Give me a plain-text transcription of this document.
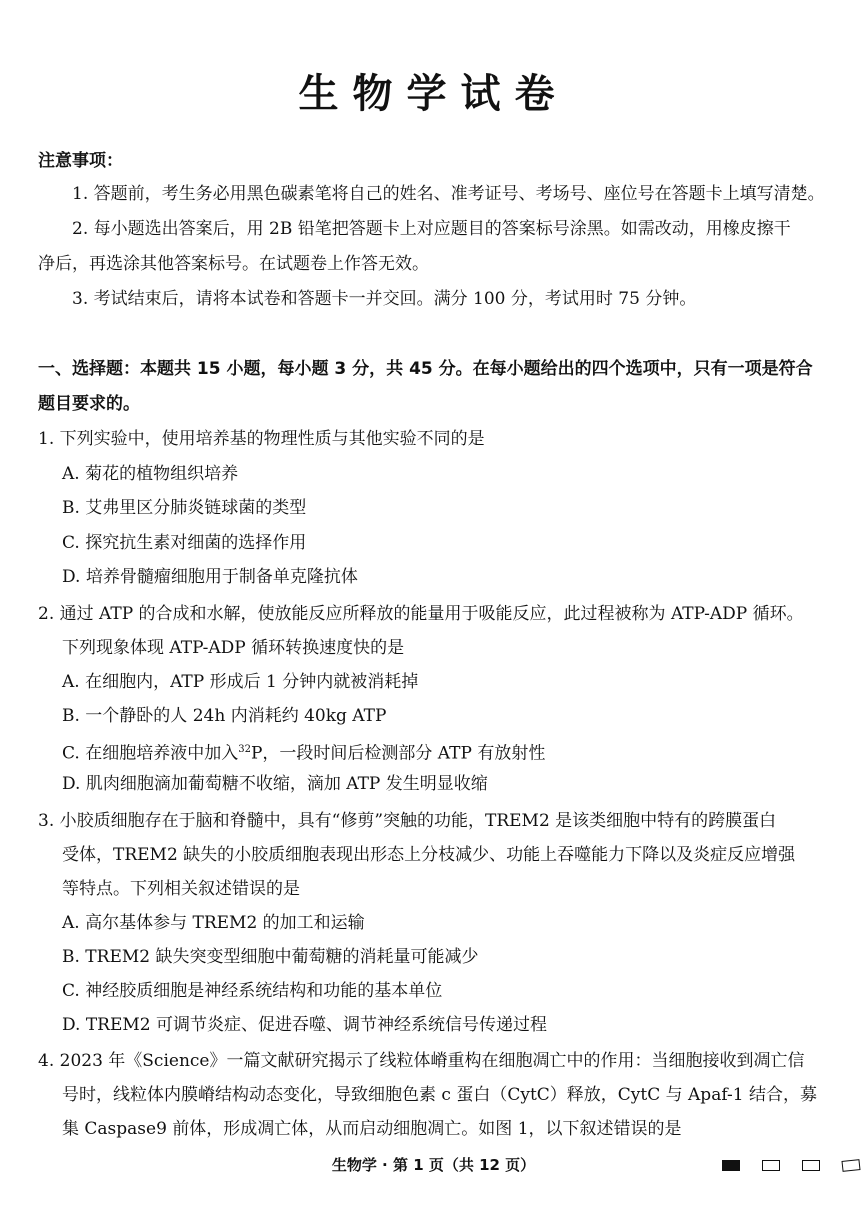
生物学试卷
注意事项：
1. 答题前，考生务必用黑色碳素笔将自己的姓名、准考证号、考场号、座位号在答题卡上填写清楚。
2. 每小题选出答案后，用 2B 铅笔把答题卡上对应题目的答案标号涂黑。如需改动，用橡皮擦干
净后，再选涂其他答案标号。在试题卷上作答无效。
3. 考试结束后，请将本试卷和答题卡一并交回。满分 100 分，考试用时 75 分钟。
一、选择题：本题共 15 小题，每小题 3 分，共 45 分。在每小题给出的四个选项中，只有一项是符合
题目要求的。
1. 下列实验中，使用培养基的物理性质与其他实验不同的是
A. 菊花的植物组织培养
B. 艾弗里区分肺炎链球菌的类型
C. 探究抗生素对细菌的选择作用
D. 培养骨髓瘤细胞用于制备单克隆抗体
2. 通过 ATP 的合成和水解，使放能反应所释放的能量用于吸能反应，此过程被称为 ATP-ADP 循环。
下列现象体现 ATP-ADP 循环转换速度快的是
A. 在细胞内，ATP 形成后 1 分钟内就被消耗掉
B. 一个静卧的人 24h 内消耗约 40kg ATP
C. 在细胞培养液中加入$^{32}$P，一段时间后检测部分 ATP 有放射性
D. 肌肉细胞滴加葡萄糖不收缩，滴加 ATP 发生明显收缩
3. 小胶质细胞存在于脑和脊髓中，具有“修剪”突触的功能，TREM2 是该类细胞中特有的跨膜蛋白
受体，TREM2 缺失的小胶质细胞表现出形态上分枝减少、功能上吞噬能力下降以及炎症反应增强
等特点。下列相关叙述错误的是
A. 高尔基体参与 TREM2 的加工和运输
B. TREM2 缺失突变型细胞中葡萄糖的消耗量可能减少
C. 神经胶质细胞是神经系统结构和功能的基本单位
D. TREM2 可调节炎症、促进吞噬、调节神经系统信号传递过程
4. 2023 年《Science》一篇文献研究揭示了线粒体嵴重构在细胞凋亡中的作用：当细胞接收到凋亡信
号时，线粒体内膜嵴结构动态变化，导致细胞色素 c 蛋白（CytC）释放，CytC 与 Apaf-1 结合，募
集 Caspase9 前体，形成凋亡体，从而启动细胞凋亡。如图 1，以下叙述错误的是
生物学 · 第 1 页（共 12 页）
